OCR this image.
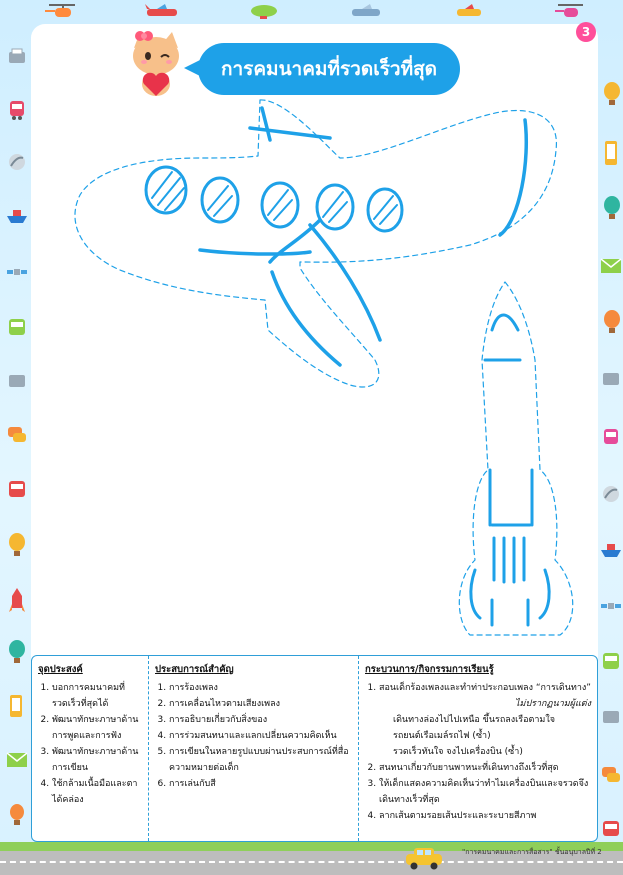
3
การคมนาคมที่รวดเร็วที่สุด
จุดประสงค์
1. บอกการคมนาคมที่รวดเร็วที่สุดได้
2. พัฒนาทักษะภาษาด้านการพูดและการฟัง
3. พัฒนาทักษะภาษาด้านการเขียน
4. ใช้กล้ามเนื้อมือและตาได้คล่อง
ประสบการณ์สำคัญ
1. การร้องเพลง
2. การเคลื่อนไหวตามเสียงเพลง
3. การอธิบายเกี่ยวกับสิ่งของ
4. การร่วมสนทนาและแลกเปลี่ยนความคิดเห็น
5. การเขียนในหลายรูปแบบผ่านประสบการณ์ที่สื่อความหมายต่อเด็ก
6. การเล่นกับสี
กระบวนการ/กิจกรรมการเรียนรู้
1. สอนเด็กร้องเพลงและทำท่าประกอบเพลง “การเดินทาง”

ไม่ปรากฏนามผู้แต่ง

เดินทางล่องไปไปเหนือ ขึ้นรถลงเรือตามใจ

รถยนต์เรือเมล์รถไฟ (ซ้ำ)

รวดเร็วทันใจ จงไปเครื่องบิน (ซ้ำ)

2. สนทนาเกี่ยวกับยานพาหนะที่เดินทางถึงเร็วที่สุด
3. ให้เด็กแสดงความคิดเห็นว่าทำไมเครื่องบินและจรวดจึงเดินทางเร็วที่สุด
4. ลากเส้นตามรอยเส้นประและระบายสีภาพ
"การคมนาคมและการสื่อสาร" ชั้นอนุบาลปีที่ 2
